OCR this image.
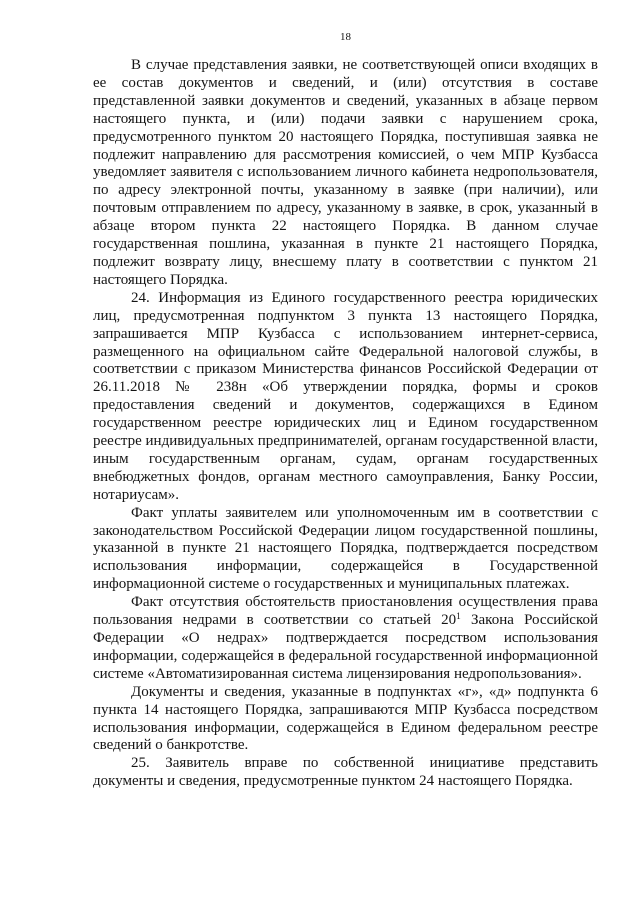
18

В случае представления заявки, не соответствующей описи входящих в ее состав документов и сведений, и (или) отсутствия в составе представленной заявки документов и сведений, указанных в абзаце первом настоящего пункта, и (или) подачи заявки с нарушением срока, предусмотренного пунктом 20 настоящего Порядка, поступившая заявка не подлежит направлению для рассмотрения комиссией, о чем МПР Кузбасса уведомляет заявителя с использованием личного кабинета недропользователя, по адресу электронной почты, указанному в заявке (при наличии), или почтовым отправлением по адресу, указанному в заявке, в срок, указанный в абзаце втором пункта 22 настоящего Порядка. В данном случае государственная пошлина, указанная в пункте 21 настоящего Порядка, подлежит возврату лицу, внесшему плату в соответствии с пунктом 21 настоящего Порядка.

24. Информация из Единого государственного реестра юридических лиц, предусмотренная подпунктом 3 пункта 13 настоящего Порядка, запрашивается МПР Кузбасса с использованием интернет-сервиса, размещенного на официальном сайте Федеральной налоговой службы, в соответствии с приказом Министерства финансов Российской Федерации от 26.11.2018 № 238н «Об утверждении порядка, формы и сроков предоставления сведений и документов, содержащихся в Едином государственном реестре юридических лиц и Едином государственном реестре индивидуальных предпринимателей, органам государственной власти, иным государственным органам, судам, органам государственных внебюджетных фондов, органам местного самоуправления, Банку России, нотариусам».

Факт уплаты заявителем или уполномоченным им в соответствии с законодательством Российской Федерации лицом государственной пошлины, указанной в пункте 21 настоящего Порядка, подтверждается посредством использования информации, содержащейся в Государственной информационной системе о государственных и муниципальных платежах.

Факт отсутствия обстоятельств приостановления осуществления права пользования недрами в соответствии со статьей $20^1$ Закона Российской Федерации «О недрах» подтверждается посредством использования информации, содержащейся в федеральной государственной информационной системе «Автоматизированная система лицензирования недропользования».

Документы и сведения, указанные в подпунктах «г», «д» подпункта 6 пункта 14 настоящего Порядка, запрашиваются МПР Кузбасса посредством использования информации, содержащейся в Едином федеральном реестре сведений о банкротстве.

25. Заявитель вправе по собственной инициативе представить документы и сведения, предусмотренные пунктом 24 настоящего Порядка.
